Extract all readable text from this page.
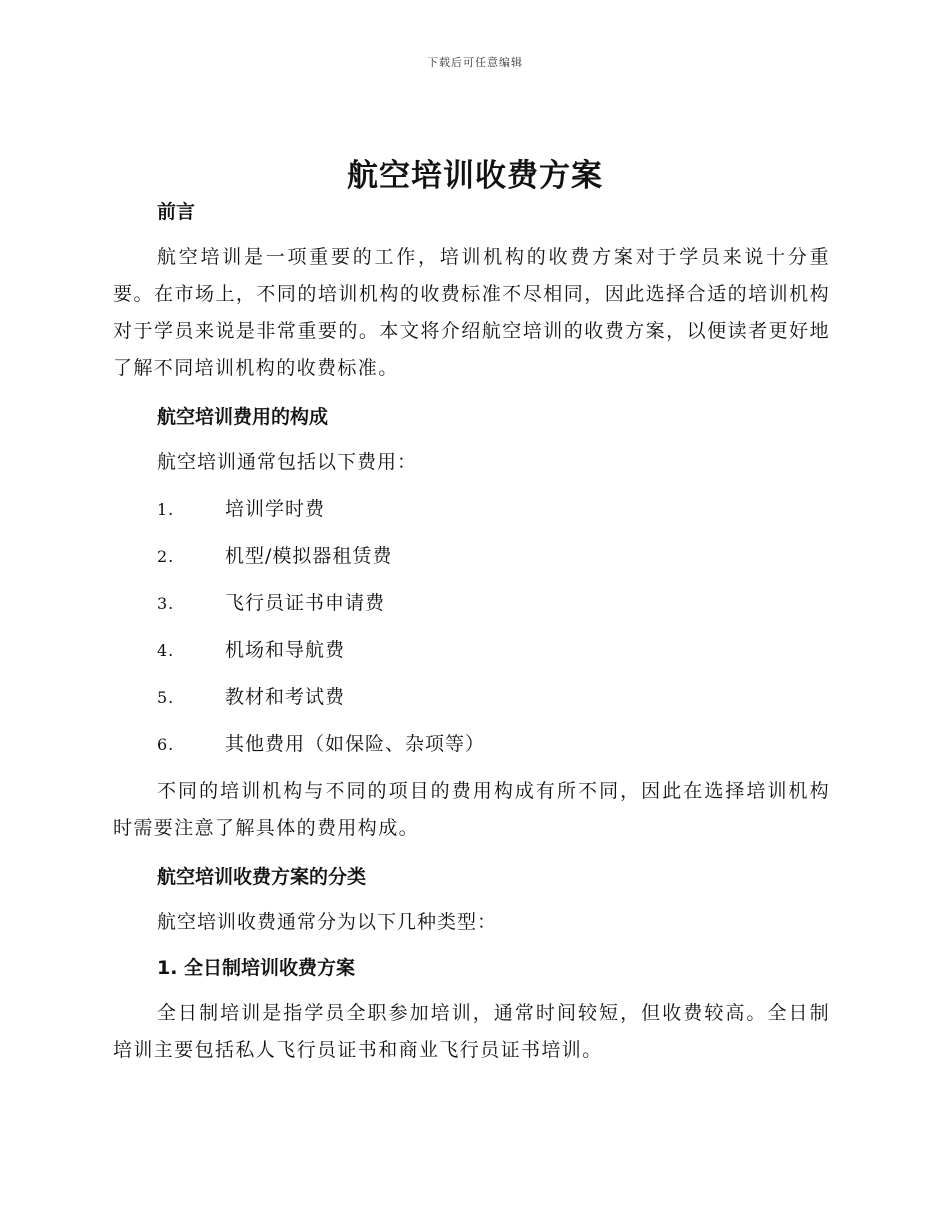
下载后可任意编辑
航空培训收费方案
前言

航空培训是一项重要的工作，培训机构的收费方案对于学员来说十分重要。在市场上，不同的培训机构的收费标准不尽相同，因此选择合适的培训机构对于学员来说是非常重要的。本文将介绍航空培训的收费方案，以便读者更好地了解不同培训机构的收费标准。

航空培训费用的构成

航空培训通常包括以下费用：

1.	培训学时费
2.	机型/模拟器租赁费
3.	飞行员证书申请费
4.	机场和导航费
5.	教材和考试费
6.	其他费用（如保险、杂项等）

不同的培训机构与不同的项目的费用构成有所不同，因此在选择培训机构时需要注意了解具体的费用构成。

航空培训收费方案的分类

航空培训收费通常分为以下几种类型：

1. 全日制培训收费方案

全日制培训是指学员全职参加培训，通常时间较短，但收费较高。全日制培训主要包括私人飞行员证书和商业飞行员证书培训。
